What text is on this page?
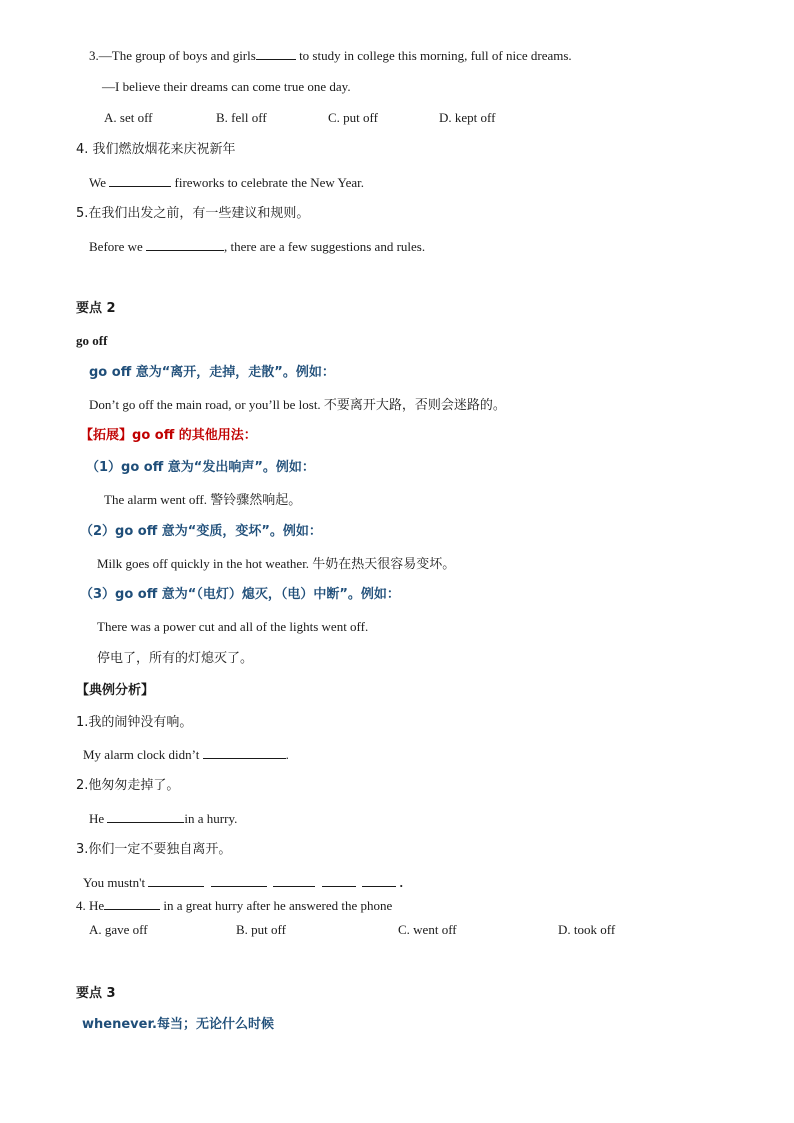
3.—The group of boys and girls	to study in college this morning, full of nice dreams.
—I believe their dreams can come true one day.
A. set off	B. fell off	C. put off	D. kept off
4. 我们燃放烟花来庆祝新年
We	fireworks to celebrate the New Year.
5.在我们出发之前，有一些建议和规则。
Before we	, there are a few suggestions and rules.
要点 2
go off
go off 意为“离开，走掉，走散”。例如：
Don’t go off the main road, or you’ll be lost. 不要离开大路，否则会迷路的。
【拓展】go off 的其他用法：
（1）go off 意为“发出响声”。例如：
The alarm went off. 警铃骤然响起。
（2）go off 意为“变质，变坏”。例如：
Milk goes off quickly in the hot weather. 牛奶在热天很容易变坏。
（3）go off 意为“（电灯）熄灭，（电）中断”。例如：
There was a power cut and all of the lights went off.
停电了，所有的灯熄灭了。
【典例分析】
1.我的闹钟没有响。
My alarm clock didn’t	.
2.他匆匆走掉了。
He	in a hurry.
3.你们一定不要独自离开。
You mustn't	.
4. He	in a great hurry after he answered the phone
A. gave off	B. put off	C. went off	D. took off
要点 3
whenever.每当；无论什么时候
